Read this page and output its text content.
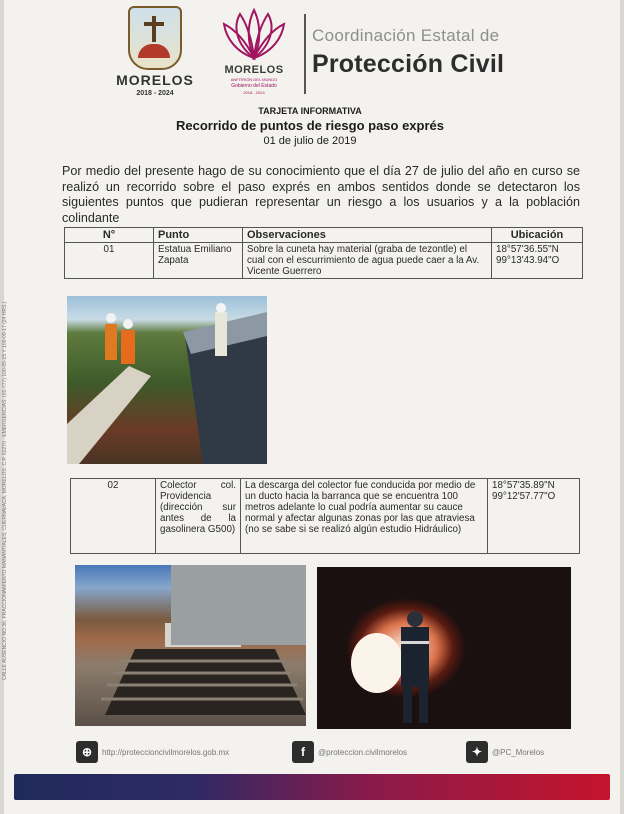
CALLE AUSENCIO NO.36, FRACCIONAMIENTO MANANTIALES, CUERNAVACA, MORELOS. C.P. 62270 · EMERGENCIAS: (01-777) 100-05-15 Y 100-05-17 (24 HRS.)
MORELOS
2018 - 2024
MORELOS
ANFITRIÓN DEL MUNDO
Gobierno del Estado
2018 - 2024
Coordinación Estatal de
Protección Civil
TARJETA INFORMATIVA
Recorrido de puntos de riesgo paso exprés
01 de julio de 2019
Por medio del presente hago de su conocimiento que el día 27 de julio del año en curso se realizó un recorrido sobre el paso exprés en ambos sentidos donde se detectaron los siguientes puntos que pudieran representar un riesgo a los usuarios y a la población colindante
N°	Punto	Observaciones	Ubicación
01	Estatua Emiliano Zapata	Sobre la cuneta hay material (graba de tezontle) el cual con el escurrimiento de agua puede caer a la Av. Vicente Guerrero	18°57'36.55"N
99°13'43.94"O
02	Colector col. Providencia (dirección sur antes de la gasolinera G500)	La descarga del colector fue conducida por medio de un ducto hacia la barranca que se encuentra 100 metros adelante lo cual podría aumentar su cauce normal y afectar algunas zonas por las que atraviesa (no se sabe si se realizó algún estudio Hidráulico)	
18°57'35.89"N
99°12'57.77"O
⊕	http://proteccioncivilmorelos.gob.mx	f	@proteccion.civilmorelos	✦	@PC_Morelos
